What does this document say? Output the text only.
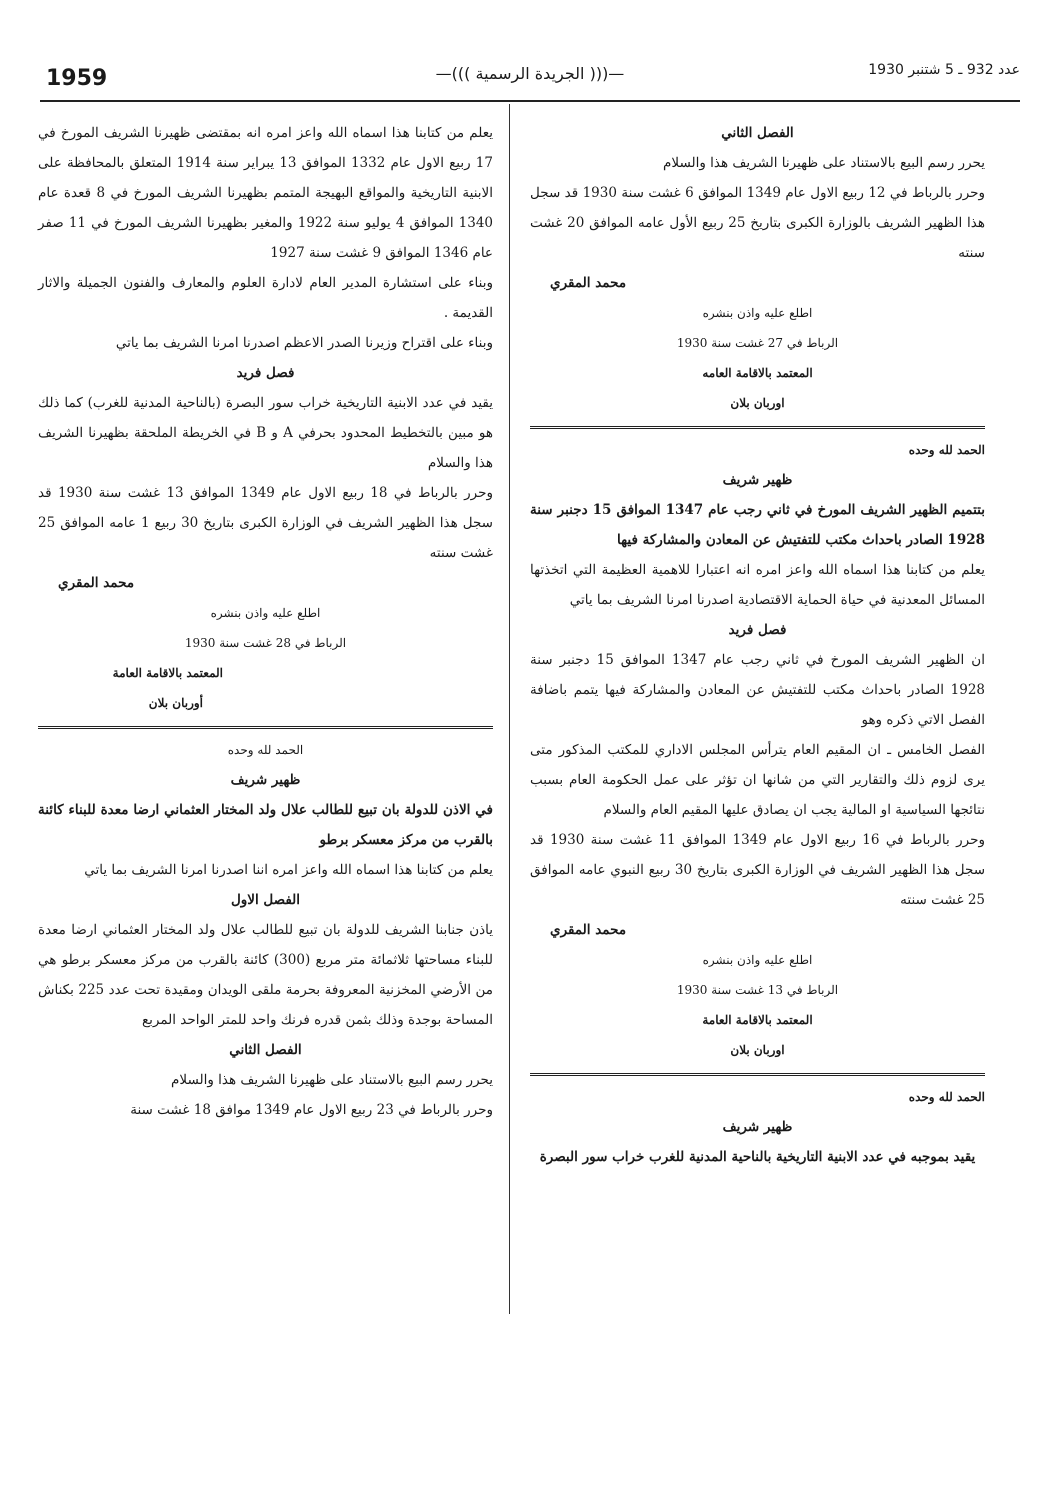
1959	—((( الجريدة الرسمية )))—	عدد 932 ـ 5 شتنبر 1930

الفصل الثاني

يحرر رسم البيع بالاستناد على ظهيرنا الشريف هذا والسلام

وحرر بالرباط في 12 ربيع الاول عام 1349 الموافق 6 غشت سنة 1930 قد سجل هذا الظهير الشريف بالوزارة الكبرى بتاريخ 25 ربيع الأول عامه الموافق 20 غشت سنته

محمد المقري

اطلع عليه واذن بنشره

الرباط في 27 غشت سنة 1930

المعتمد بالاقامة العامه

اوربان بلان

الحمد لله وحده

ظهير شريف

بتتميم الظهير الشريف المورخ في ثاني رجب عام 1347 الموافق 15 دجنبر سنة 1928 الصادر باحداث مكتب للتفتيش عن المعادن والمشاركة فيها

يعلم من كتابنا هذا اسماه الله واعز امره انه اعتبارا للاهمية العظيمة التي اتخذتها المسائل المعدنية في حياة الحماية الاقتصادية اصدرنا امرنا الشريف بما ياتي

فصل فريد

ان الظهير الشريف المورخ في ثاني رجب عام 1347 الموافق 15 دجنبر سنة 1928 الصادر باحداث مكتب للتفتيش عن المعادن والمشاركة فيها يتمم باضافة الفصل الاتي ذكره وهو

الفصل الخامس ـ ان المقيم العام يترأس المجلس الاداري للمكتب المذكور متى يرى لزوم ذلك والتقارير التي من شانها ان تؤثر على عمل الحكومة العام بسبب نتائجها السياسية او المالية يجب ان يصادق عليها المقيم العام والسلام

وحرر بالرباط في 16 ربيع الاول عام 1349 الموافق 11 غشت سنة 1930 قد سجل هذا الظهير الشريف في الوزارة الكبرى بتاريخ 30 ربيع النبوي عامه الموافق 25 غشت سنته

محمد المقري

اطلع عليه واذن بنشره

الرباط في 13 غشت سنة 1930

المعتمد بالاقامة العامة

اوربان بلان

الحمد لله وحده

ظهير شريف

يقيد بموجبه في عدد الابنية التاريخية بالناحية المدنية للغرب خراب سور البصرة

يعلم من كتابنا هذا اسماه الله واعز امره انه بمقتضى ظهيرنا الشريف المورخ في 17 ربيع الاول عام 1332 الموافق 13 يبراير سنة 1914 المتعلق بالمحافظة على الابنية التاريخية والمواقع البهيجة المتمم بظهيرنا الشريف المورخ في 8 قعدة عام 1340 الموافق 4 يوليو سنة 1922 والمغير بظهيرنا الشريف المورخ في 11 صفر عام 1346 الموافق 9 غشت سنة 1927

وبناء على استشارة المدير العام لادارة العلوم والمعارف والفنون الجميلة والاثار القديمة .

وبناء على اقتراح وزيرنا الصدر الاعظم اصدرنا امرنا الشريف بما ياتي

فصل فريد

يقيد في عدد الابنية التاريخية خراب سور البصرة (بالناحية المدنية للغرب) كما ذلك هو مبين بالتخطيط المحدود بحرفي A و B في الخريطة الملحقة بظهيرنا الشريف هذا والسلام

وحرر بالرباط في 18 ربيع الاول عام 1349 الموافق 13 غشت سنة 1930 قد سجل هذا الظهير الشريف في الوزارة الكبرى بتاريخ 30 ربيع 1 عامه الموافق 25 غشت سنته

محمد المقري

اطلع عليه واذن بنشره

الرباط في 28 غشت سنة 1930

المعتمد بالاقامة العامة

أوربان بلان

الحمد لله وحده

ظهير شريف

في الاذن للدولة بان تبيع للطالب علال ولد المختار العثماني ارضا معدة للبناء كائنة بالقرب من مركز معسكر برطو

يعلم من كتابنا هذا اسماه الله واعز امره اننا اصدرنا امرنا الشريف بما ياتي

الفصل الاول

ياذن جنابنا الشريف للدولة بان تبيع للطالب علال ولد المختار العثماني ارضا معدة للبناء مساحتها ثلاثمائة متر مربع (300) كائنة بالقرب من مركز معسكر برطو هي من الأرضي المخزنية المعروفة بحرمة ملقى الويدان ومقيدة تحت عدد 225 بكناش المساحة بوجدة وذلك بثمن قدره فرنك واحد للمتر الواحد المربع

الفصل الثاني

يحرر رسم البيع بالاستناد على ظهيرنا الشريف هذا والسلام

وحرر بالرباط في 23 ربيع الاول عام 1349 موافق 18 غشت سنة
